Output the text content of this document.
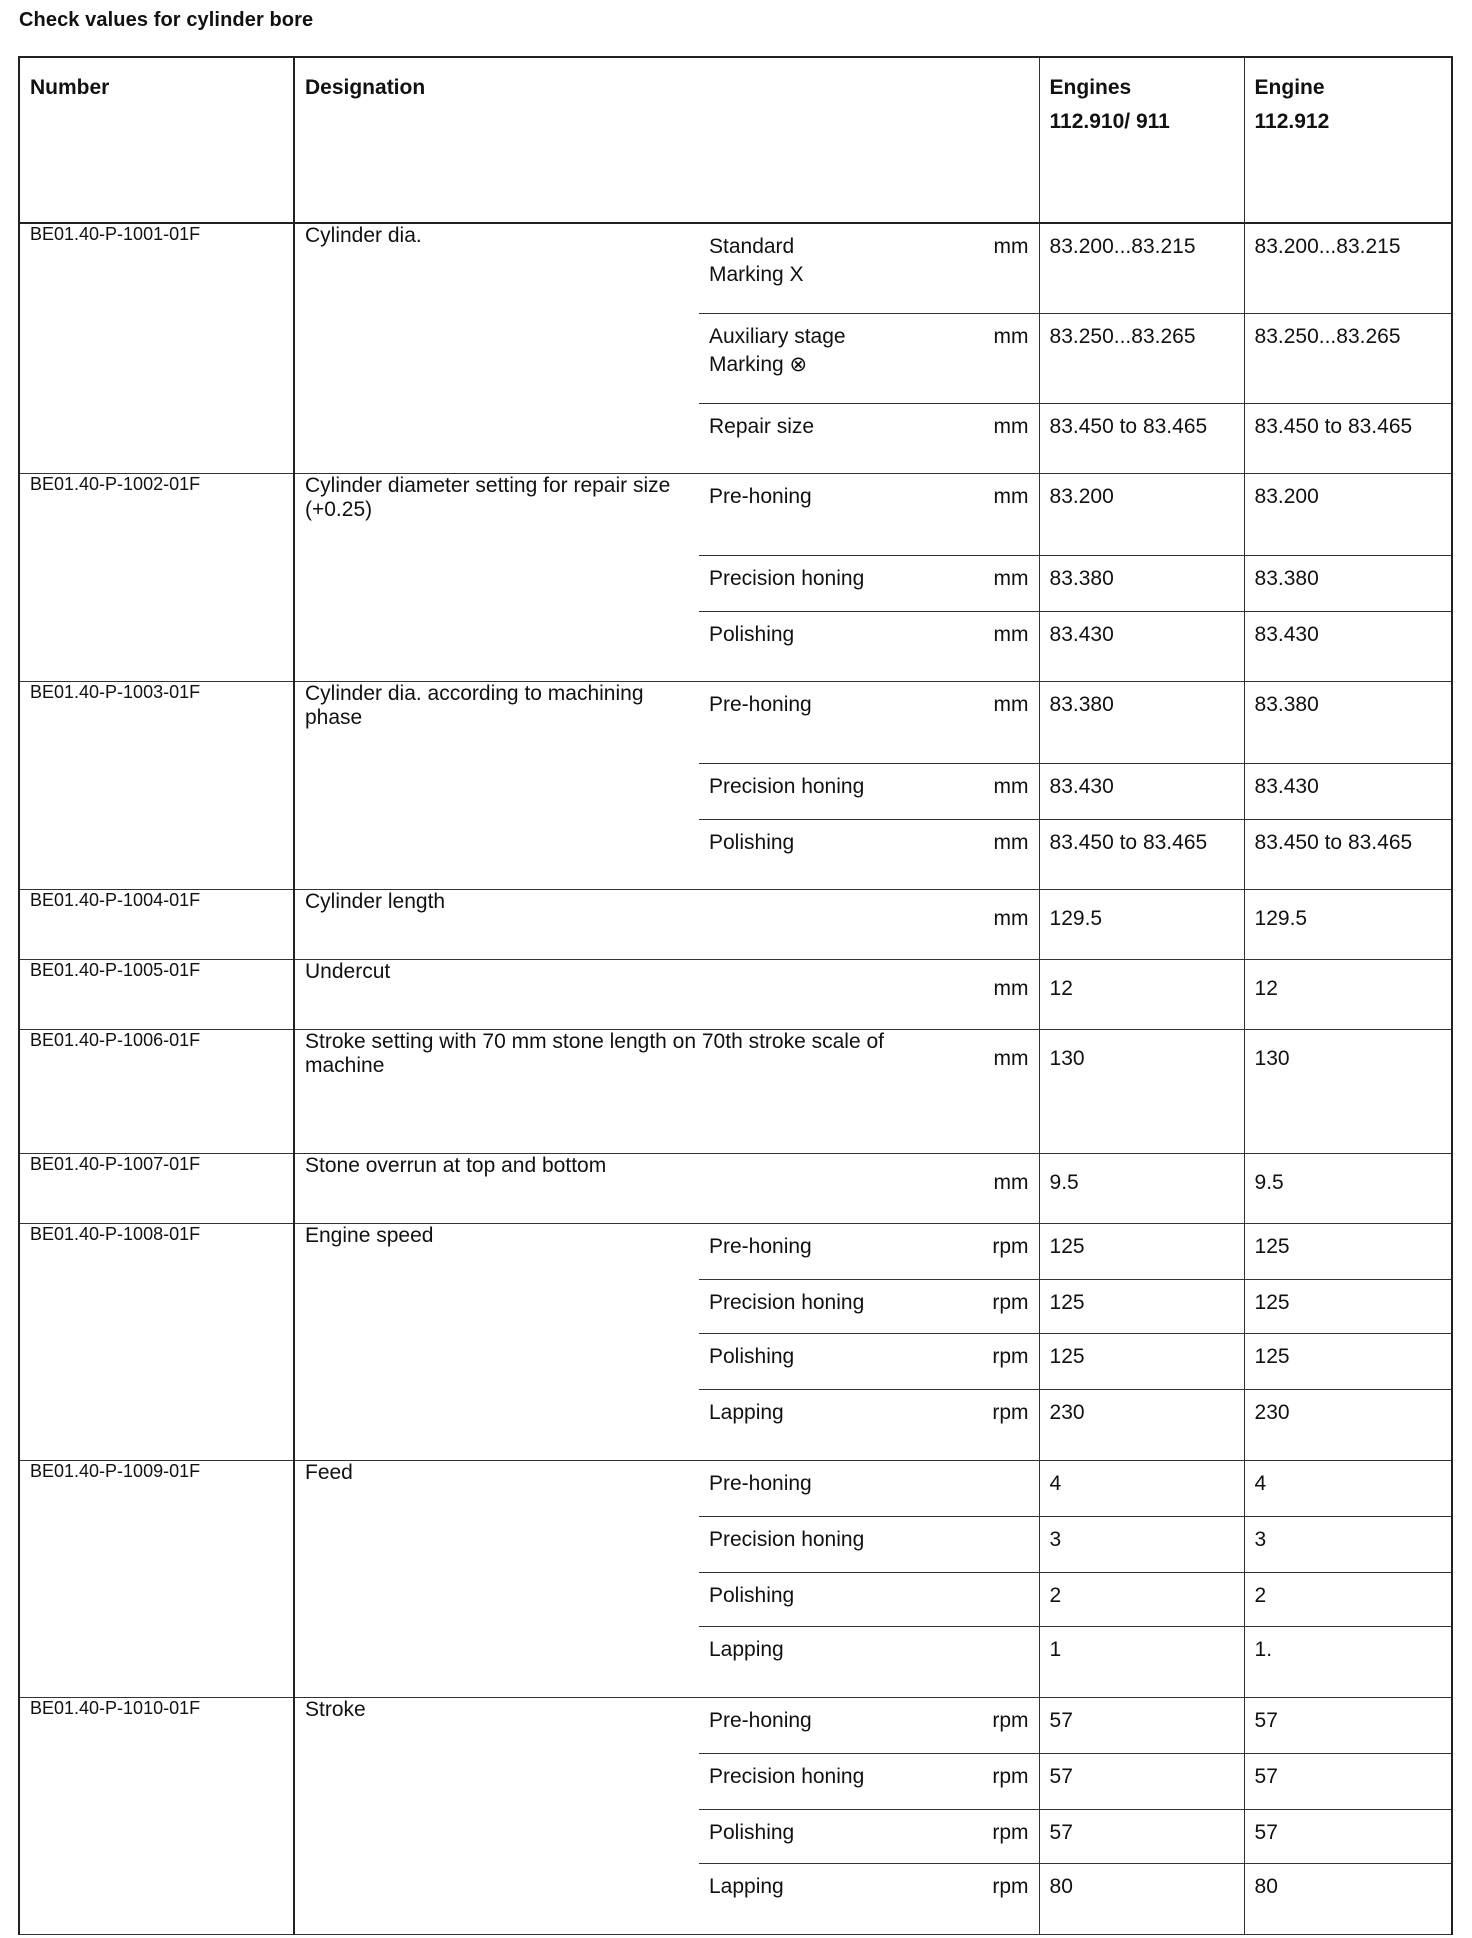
Check values for cylinder bore
Number	Designation			Engines
112.910/ 911	Engine
112.912

BE01.40-P-1001-01F	Cylinder dia.	Standard
Marking X	mm	83.200...83.215	83.200...83.215

		Auxiliary stage
Marking ⊗	mm	83.250...83.265	83.250...83.265

		Repair size	mm	83.450 to 83.465	83.450 to 83.465
BE01.40-P-1002-01F	Cylinder diameter setting for repair size (+0.25)	Pre-honing	mm	83.200	83.200

		Precision honing	mm	83.380	83.380

		Polishing	mm	83.430	83.430
BE01.40-P-1003-01F	Cylinder dia. according to machining phase	Pre-honing	mm	83.380	83.380

		Precision honing	mm	83.430	83.430

		Polishing	mm	83.450 to 83.465	83.450 to 83.465
BE01.40-P-1004-01F	Cylinder length		mm	129.5	129.5
BE01.40-P-1005-01F	Undercut		mm	12	12
BE01.40-P-1006-01F	Stroke setting with 70 mm stone length on 70th stroke scale of machine		mm	130	130
BE01.40-P-1007-01F	Stone overrun at top and bottom		mm	9.5	9.5
BE01.40-P-1008-01F	Engine speed	Pre-honing	rpm	125	125

		Precision honing	rpm	125	125

		Polishing	rpm	125	125

		Lapping	rpm	230	230
BE01.40-P-1009-01F	Feed	Pre-honing		4	4

		Precision honing		3	3

		Polishing		2	2

		Lapping		1	1.
BE01.40-P-1010-01F	Stroke	Pre-honing	rpm	57	57

		Precision honing	rpm	57	57

		Polishing	rpm	57	57

		Lapping	rpm	80	80
